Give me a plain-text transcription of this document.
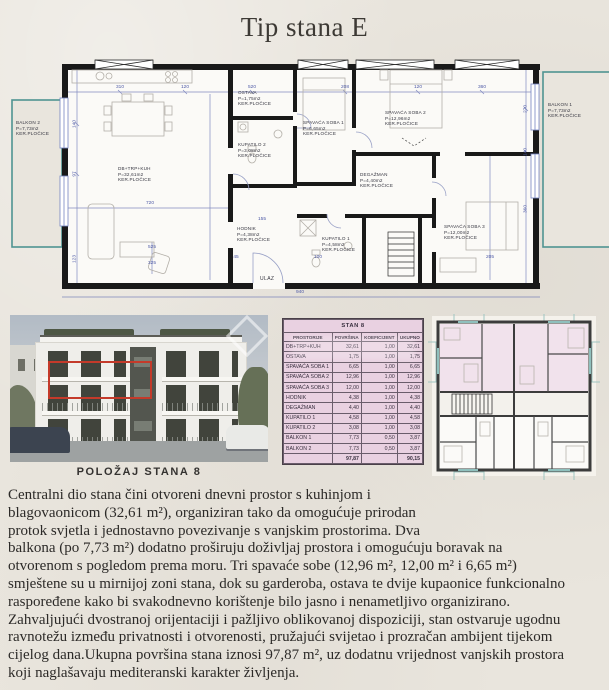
Tip stana E
BALKON 2
P=7,73m2
KER.PLOČICE
DB+TRP+KUH
P=32,61m2
KER.PLOČICE
OSTAVA
P=1,75m2
KER.PLOČICE
KUPATILO 2
P=3,08m2
KER.PLOČICE
SPAVAĆA SOBA 1
P=6,65m2
KER.PLOČICE
SPAVAĆA SOBA 2
P=12,96m2
KER.PLOČICE
DEGAŽMAN
P=4,40m2
KER.PLOČICE
HODNIK
P=4,38m2
KER.PLOČICE	KUPATILO 1
P=4,58m2
KER.PLOČICE
SPAVAĆA SOBA 3
P=12,00m2
KER.PLOČICE
BALKON 1
P=7,73m2
KER.PLOČICE
ULAZ
310	120	520	208	120	360
720
525
325
940
140
97
123
270
140
360
100
155
45	205
POLOŽAJ STANA 8
STAN 8			
PROSTORIJE	POVRŠINA	KOEFICIJENT	UKUPNO
DB+TRP+KUH	32,61	1,00	32,61
OSTAVA	1,75	1,00	1,75
SPAVAĆA SOBA 1	6,65	1,00	6,65
SPAVAĆA SOBA 2	12,96	1,00	12,96
SPAVAĆA SOBA 3	12,00	1,00	12,00
HODNIK	4,38	1,00	4,38
DEGAŽMAN	4,40	1,00	4,40
KUPATILO 1	4,58	1,00	4,58
KUPATILO 2	3,08	1,00	3,08
BALKON 1	7,73	0,50	3,87
BALKON 2	7,73	0,50	3,87
	97,87		90,15
Centralni dio stana čini otvoreni dnevni prostor s kuhinjom i
blagovaonicom (32,61 m²), organiziran tako da omogućuje prirodan
protok svjetla i jednostavno povezivanje s vanjskim prostorima. Dva
balkona (po 7,73 m²) dodatno proširuju doživljaj prostora i omogućuju boravak na
otvorenom s pogledom prema moru. Tri spavaće sobe (12,96 m², 12,00 m² i 6,65 m²)
smještene su u mirnijoj zoni stana, dok su garderoba, ostava te dvije kupaonice funkcionalno
raspoređene kako bi svakodnevno korištenje bilo jasno i nenametljivo organizirano.
Zahvaljujući dvostranoj orijentaciji i pažljivo oblikovanoj dispoziciji, stan ostvaruje ugodnu
ravnotežu između privatnosti i otvorenosti, pružajući svijetao i prozračan ambijent tijekom
cijelog dana.Ukupna površina stana iznosi 97,87 m², uz dodatnu vrijednost vanjskih prostora
koji naglašavaju mediteranski karakter življenja.
